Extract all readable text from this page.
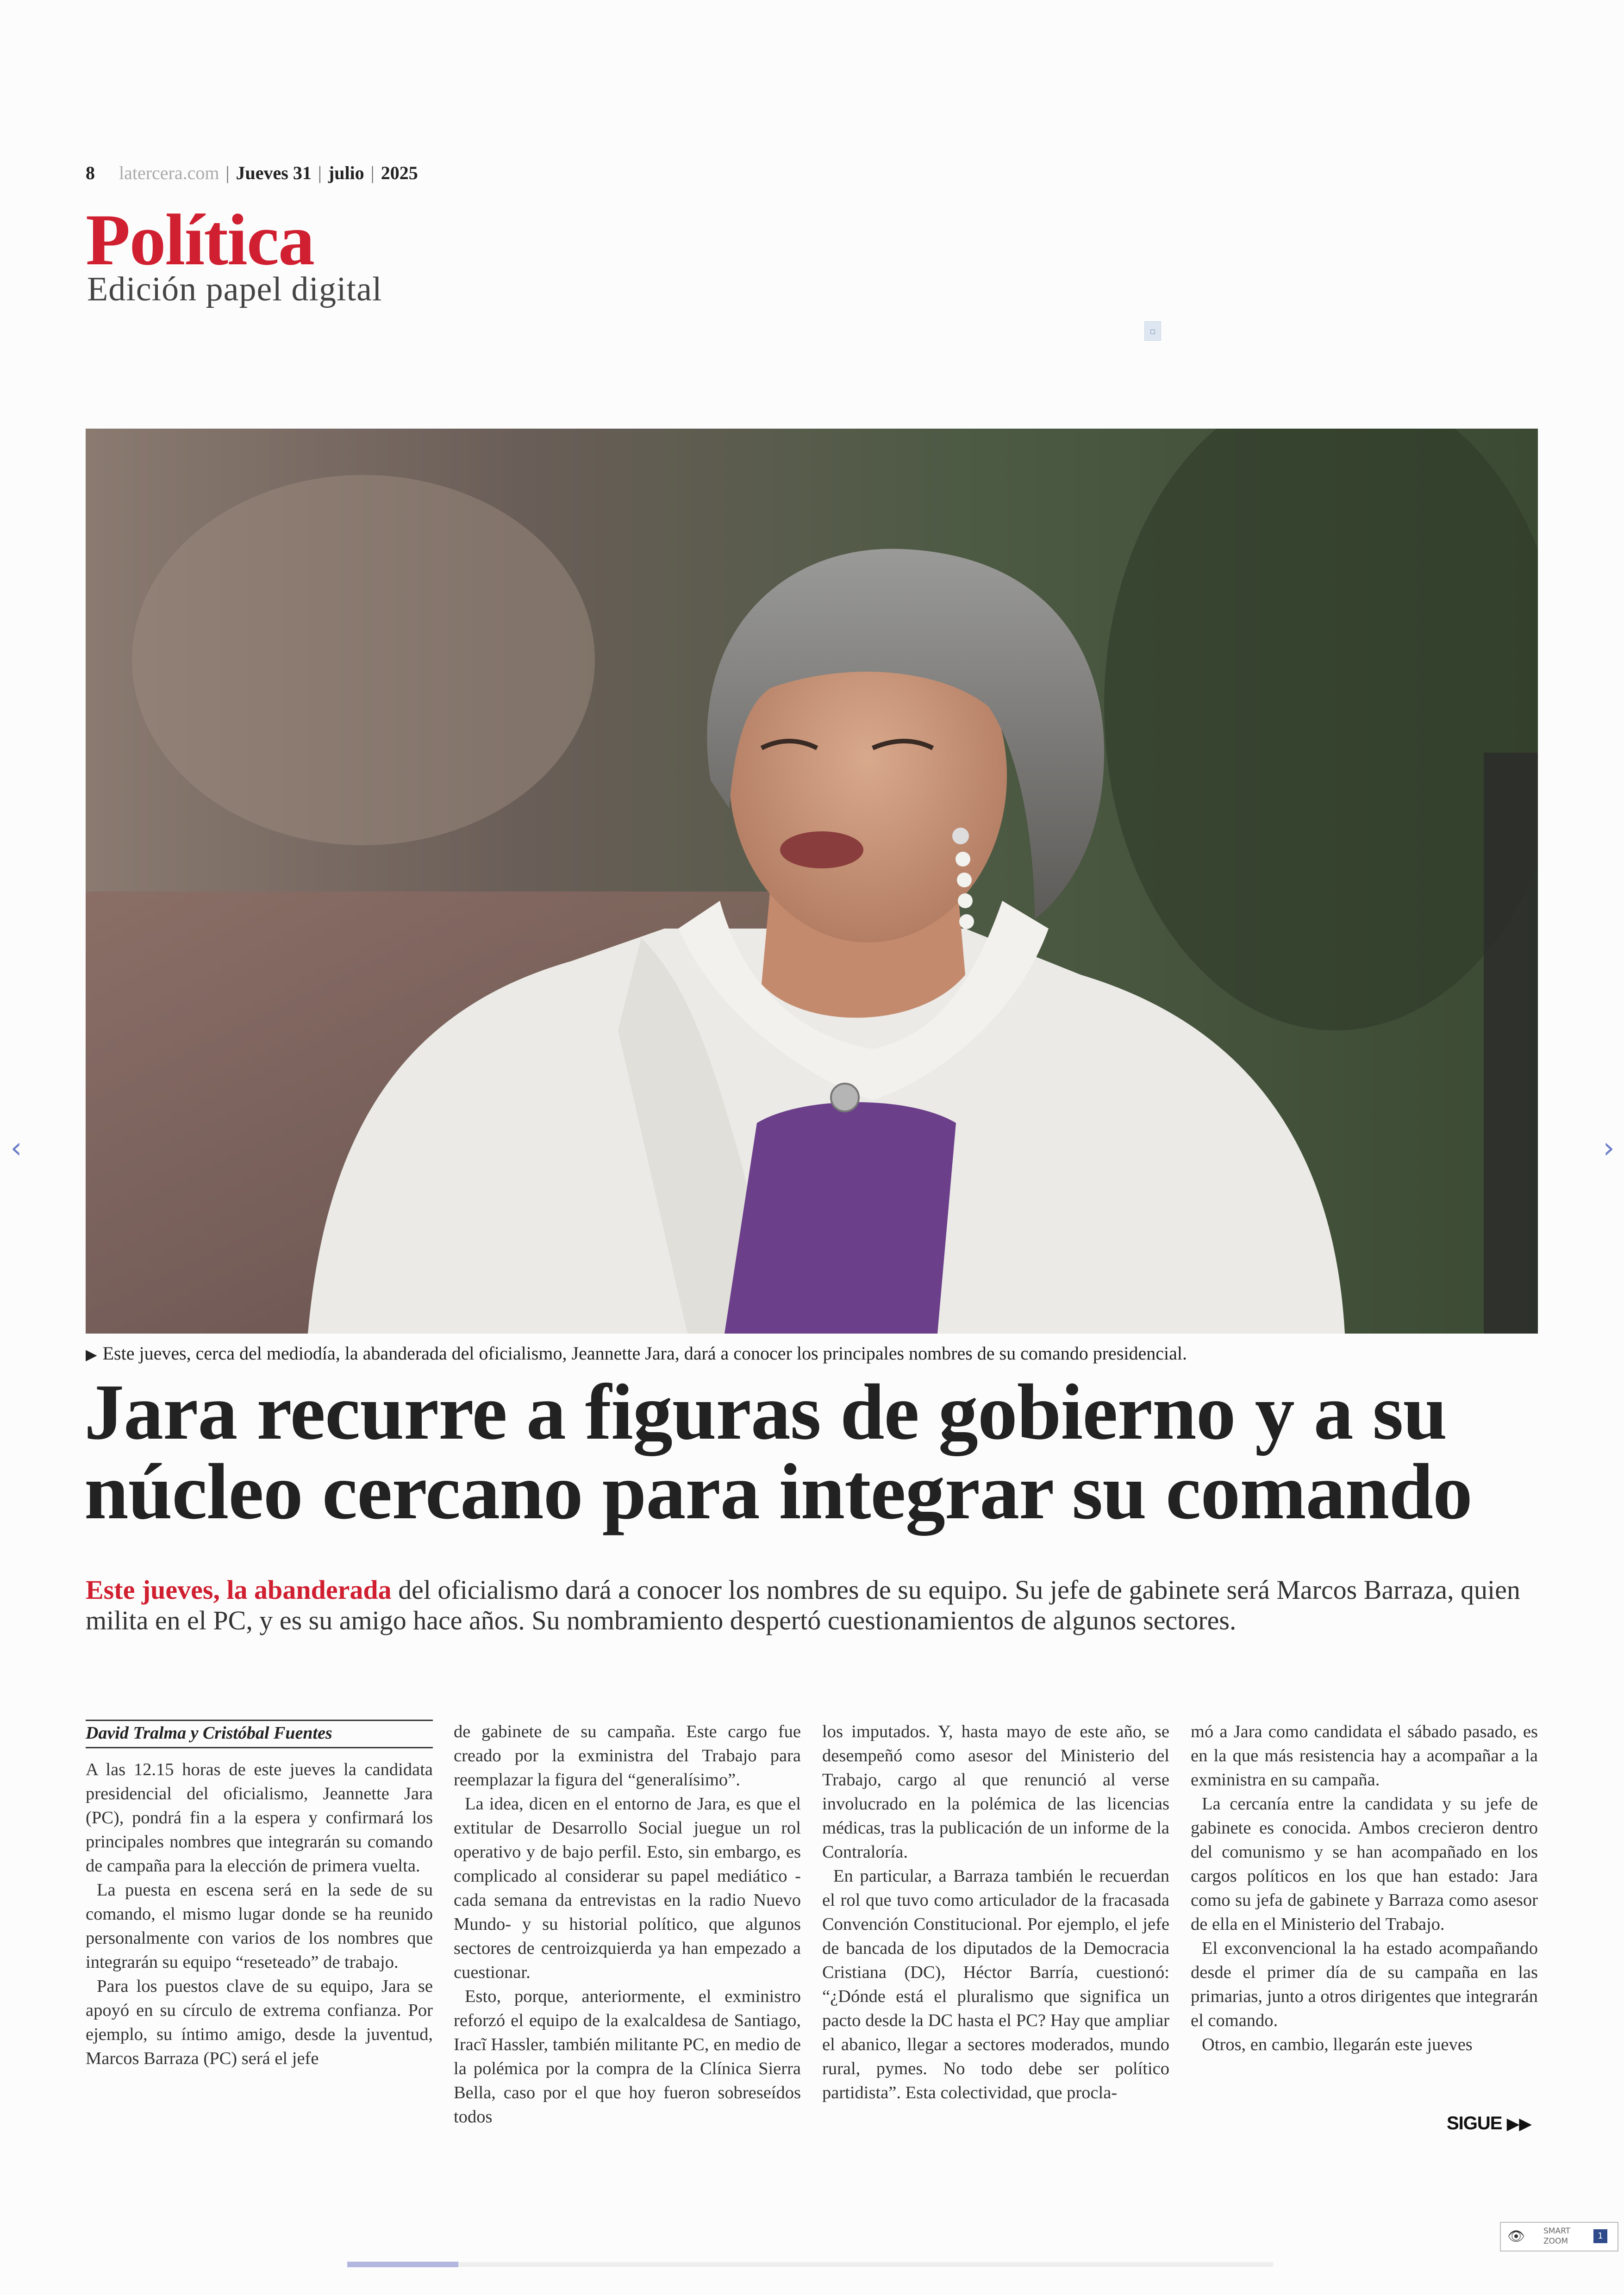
8 latercera.com | Jueves 31 | julio | 2025
Política
Edición papel digital
▫
▶ Este jueves, cerca del mediodía, la abanderada del oficialismo, Jeannette Jara, dará a conocer los principales nombres de su comando presidencial.
Jara recurre a figuras de gobierno y a su
núcleo cercano para integrar su comando
Este jueves, la abanderada del oficialismo dará a conocer los nombres de su equipo. Su jefe de gabinete será Marcos Barraza, quien milita en el PC, y es su amigo hace años. Su nombramiento despertó cuestionamientos de algunos sectores.
David Tralma y Cristóbal Fuentes

A las 12.15 horas de este jueves la candidata presidencial del oficialismo, Jeannette Jara (PC), pondrá fin a la espera y confirmará los principales nombres que integrarán su comando de campaña para la elección de primera vuelta.

La puesta en escena será en la sede de su comando, el mismo lugar donde se ha reunido personalmente con varios de los nombres que integrarán su equipo “reseteado” de trabajo.

Para los puestos clave de su equipo, Jara se apoyó en su círculo de extrema confianza. Por ejemplo, su íntimo amigo, desde la juventud, Marcos Barraza (PC) será el jefe

de gabinete de su campaña. Este cargo fue creado por la exministra del Trabajo para reemplazar la figura del “generalísimo”.

La idea, dicen en el entorno de Jara, es que el extitular de Desarrollo Social juegue un rol operativo y de bajo perfil. Esto, sin embargo, es complicado al considerar su papel mediático -cada semana da entrevistas en la radio Nuevo Mundo- y su historial político, que algunos sectores de centroizquierda ya han empezado a cuestionar.

Esto, porque, anteriormente, el exministro reforzó el equipo de la exalcaldesa de Santiago, Iracĩ Hassler, también militante PC, en medio de la polémica por la compra de la Clínica Sierra Bella, caso por el que hoy fueron sobreseídos todos

los imputados. Y, hasta mayo de este año, se desempeñó como asesor del Ministerio del Trabajo, cargo al que renunció al verse involucrado en la polémica de las licencias médicas, tras la publicación de un informe de la Contraloría.

En particular, a Barraza también le recuerdan el rol que tuvo como articulador de la fracasada Convención Constitucional. Por ejemplo, el jefe de bancada de los diputados de la Democracia Cristiana (DC), Héctor Barría, cuestionó: “¿Dónde está el pluralismo que significa un pacto desde la DC hasta el PC? Hay que ampliar el abanico, llegar a sectores moderados, mundo rural, pymes. No todo debe ser político partidista”. Esta colectividad, que procla-

mó a Jara como candidata el sábado pasado, es en la que más resistencia hay a acompañar a la exministra en su campaña.

La cercanía entre la candidata y su jefe de gabinete es conocida. Ambos crecieron dentro del comunismo y se han acompañado en los cargos políticos en los que han estado: Jara como su jefa de gabinete y Barraza como asesor de ella en el Ministerio del Trabajo.

El exconvencional la ha estado acompañando desde el primer día de su campaña en las primarias, junto a otros dirigentes que integrarán el comando.

Otros, en cambio, llegarán este jueves

SIGUE ▶▶
‹	›
👁 SMART
ZOOM
1
